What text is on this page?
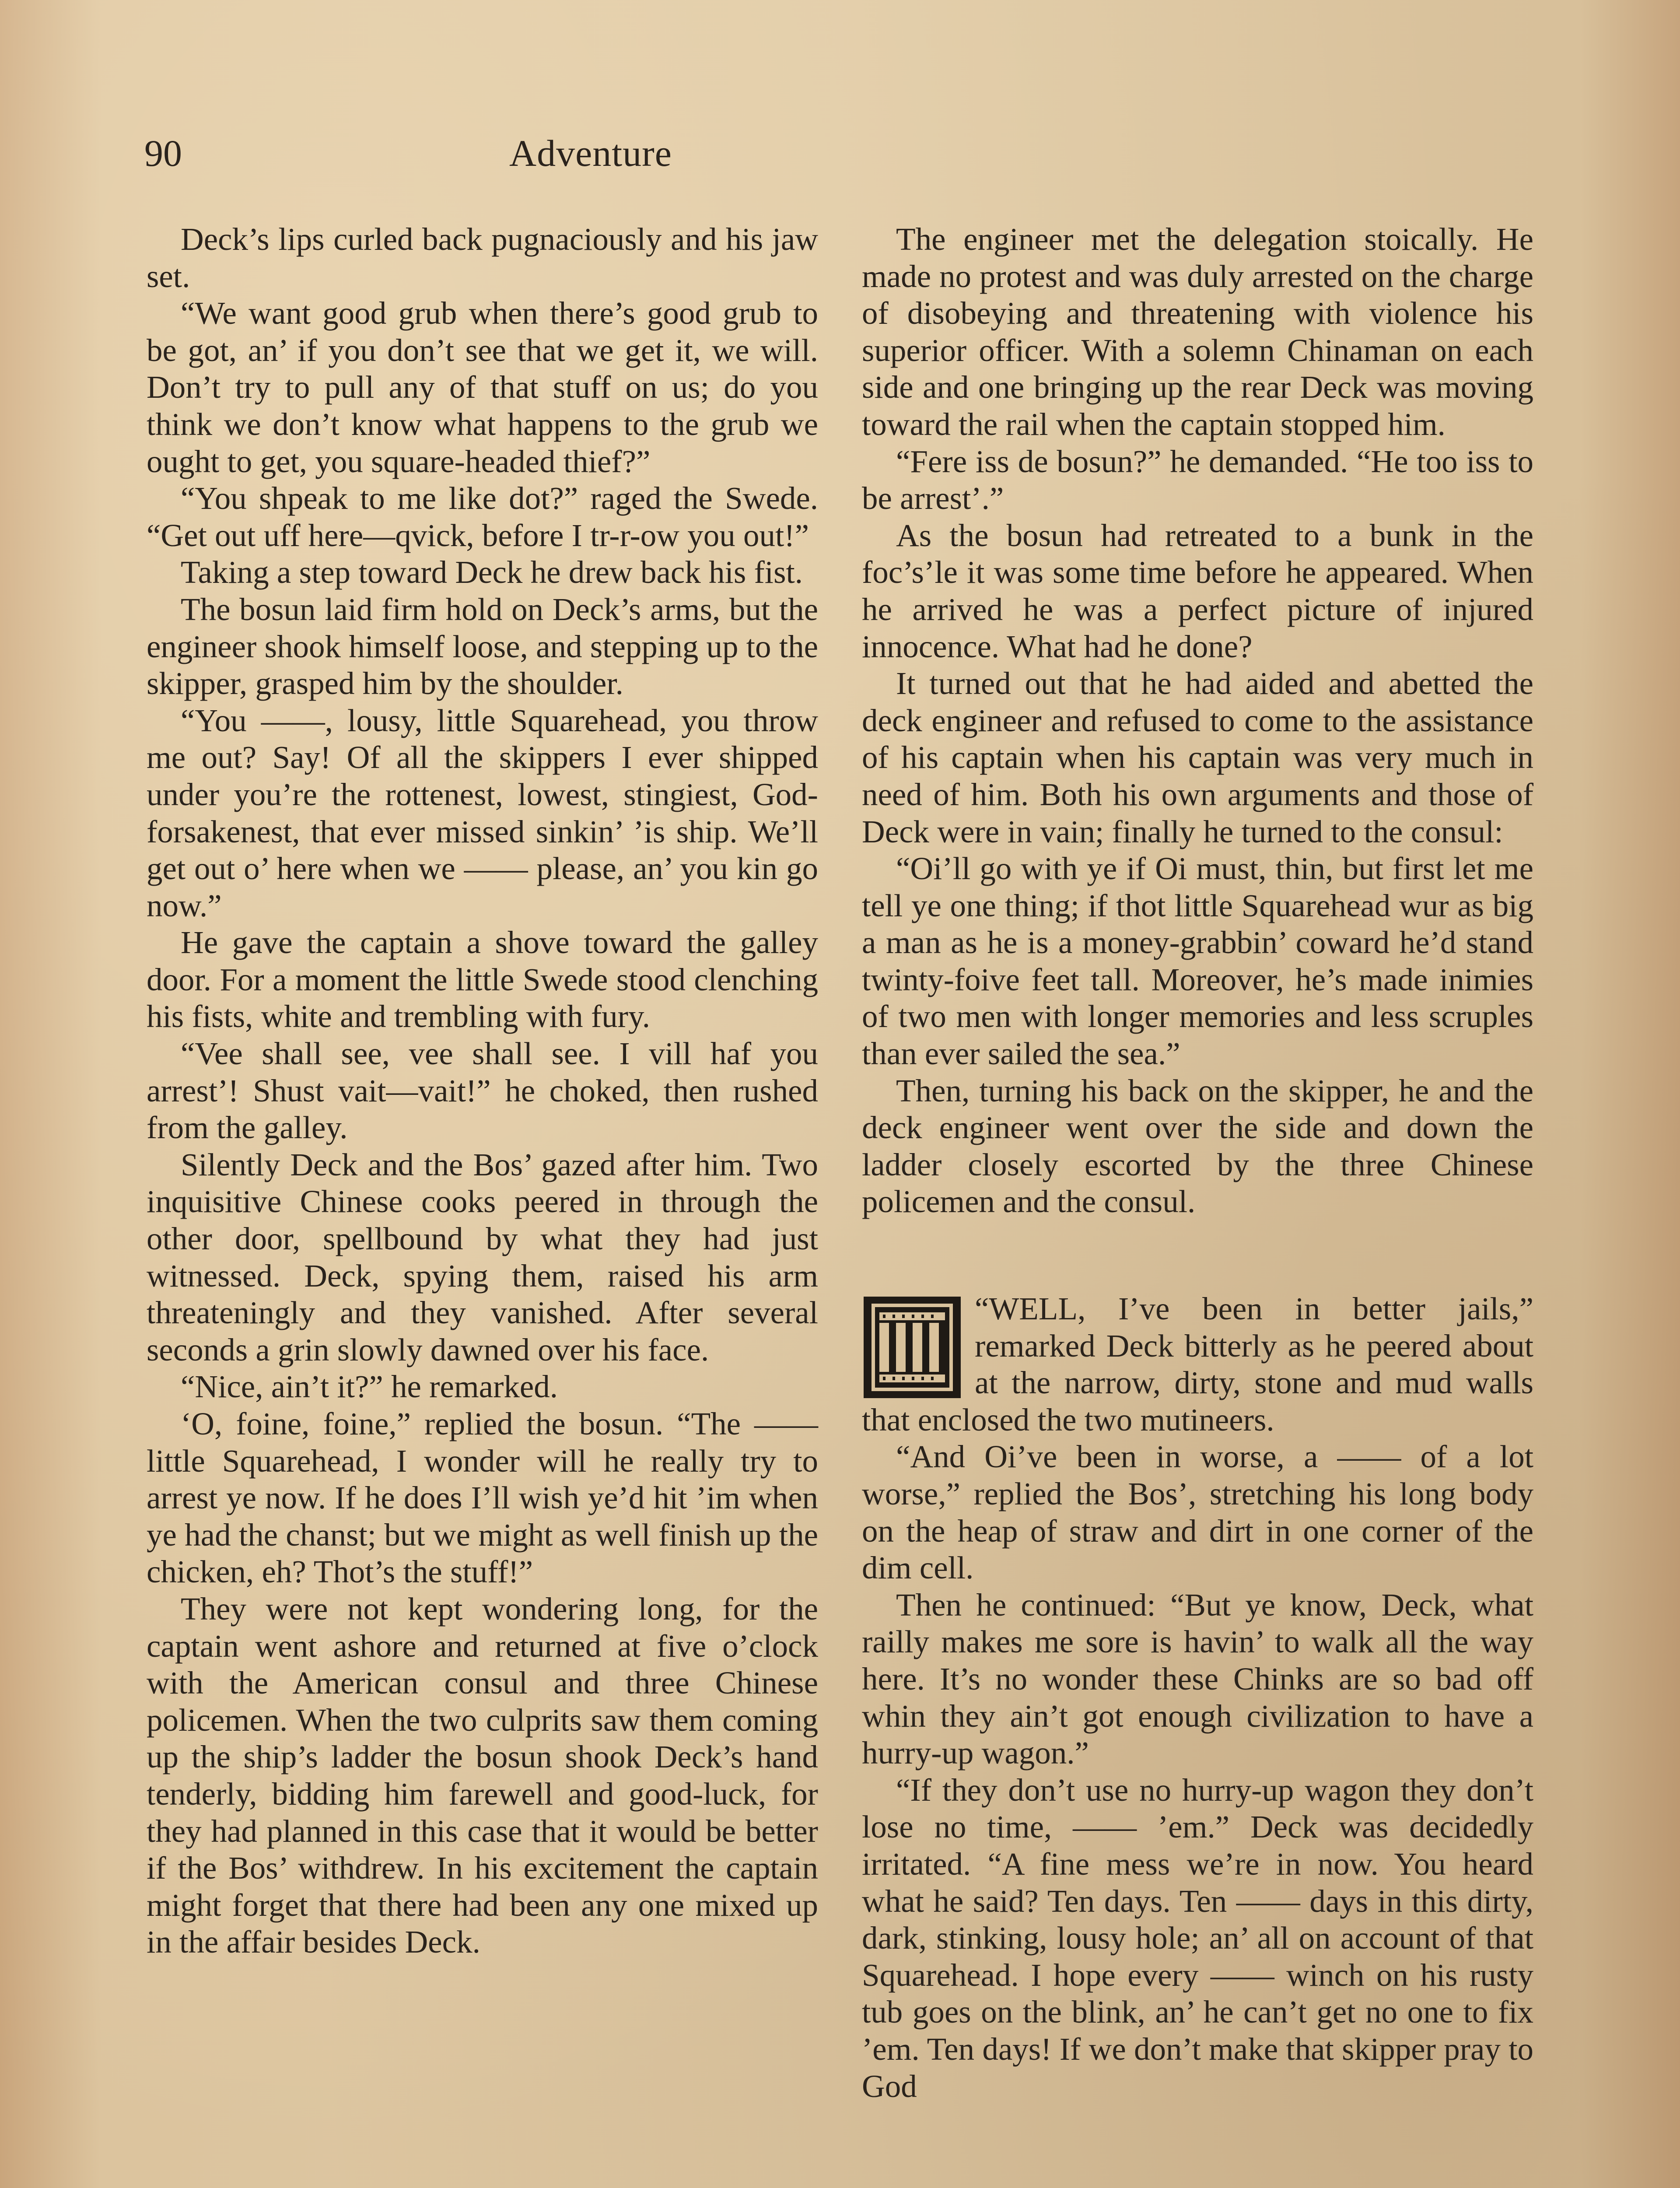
90	Adventure

Deck’s lips curled back pugnaciously and his jaw set.

“We want good grub when there’s good grub to be got, an’ if you don’t see that we get it, we will. Don’t try to pull any of that stuff on us; do you think we don’t know what happens to the grub we ought to get, you square-headed thief?”

“You shpeak to me like dot?” raged the Swede. “Get out uff here—qvick, before I tr-r-ow you out!”

Taking a step toward Deck he drew back his fist.

The bosun laid firm hold on Deck’s arms, but the engineer shook himself loose, and stepping up to the skipper, grasped him by the shoulder.

“You ——, lousy, little Squarehead, you throw me out? Say! Of all the skippers I ever shipped under you’re the rottenest, lowest, stingiest, God-forsakenest, that ever missed sinkin’ ’is ship. We’ll get out o’ here when we —— please, an’ you kin go now.”

He gave the captain a shove toward the galley door. For a moment the little Swede stood clenching his fists, white and trembling with fury.

“Vee shall see, vee shall see. I vill haf you arrest’! Shust vait—vait!” he choked, then rushed from the galley.

Silently Deck and the Bos’ gazed after him. Two inquisitive Chinese cooks peered in through the other door, spellbound by what they had just witnessed. Deck, spying them, raised his arm threateningly and they vanished. After several seconds a grin slowly dawned over his face.

“Nice, ain’t it?” he remarked.

‘O, foine, foine,” replied the bosun. “The —— little Squarehead, I wonder will he really try to arrest ye now. If he does I’ll wish ye’d hit ’im when ye had the chanst; but we might as well finish up the chicken, eh? Thot’s the stuff!”

They were not kept wondering long, for the captain went ashore and returned at five o’clock with the American consul and three Chinese policemen. When the two culprits saw them coming up the ship’s ladder the bosun shook Deck’s hand tenderly, bidding him farewell and good-luck, for they had planned in this case that it would be better if the Bos’ withdrew. In his excitement the captain might forget that there had been any one mixed up in the affair besides Deck.

The engineer met the delegation stoically. He made no protest and was duly arrested on the charge of disobeying and threatening with violence his superior officer. With a solemn Chinaman on each side and one bringing up the rear Deck was moving toward the rail when the captain stopped him.

“Fere iss de bosun?” he demanded. “He too iss to be arrest’.”

As the bosun had retreated to a bunk in the foc’s’le it was some time before he appeared. When he arrived he was a perfect picture of injured innocence. What had he done?

It turned out that he had aided and abetted the deck engineer and refused to come to the assistance of his captain when his captain was very much in need of him. Both his own arguments and those of Deck were in vain; finally he turned to the consul:

“Oi’ll go with ye if Oi must, thin, but first let me tell ye one thing; if thot little Squarehead wur as big a man as he is a money-grabbin’ coward he’d stand twinty-foive feet tall. Moreover, he’s made inimies of two men with longer memories and less scruples than ever sailed the sea.”

Then, turning his back on the skipper, he and the deck engineer went over the side and down the ladder closely escorted by the three Chinese policemen and the consul.

“WELL, I’ve been in better jails,” remarked Deck bitterly as he peered about at the narrow, dirty, stone and mud walls that enclosed the two mutineers.

“And Oi’ve been in worse, a —— of a lot worse,” replied the Bos’, stretching his long body on the heap of straw and dirt in one corner of the dim cell.

Then he continued: “But ye know, Deck, what railly makes me sore is havin’ to walk all the way here. It’s no wonder these Chinks are so bad off whin they ain’t got enough civilization to have a hurry-up wagon.”

“If they don’t use no hurry-up wagon they don’t lose no time, —— ’em.” Deck was decidedly irritated. “A fine mess we’re in now. You heard what he said? Ten days. Ten —— days in this dirty, dark, stinking, lousy hole; an’ all on account of that Squarehead. I hope every —— winch on his rusty tub goes on the blink, an’ he can’t get no one to fix ’em. Ten days! If we don’t make that skipper pray to God
